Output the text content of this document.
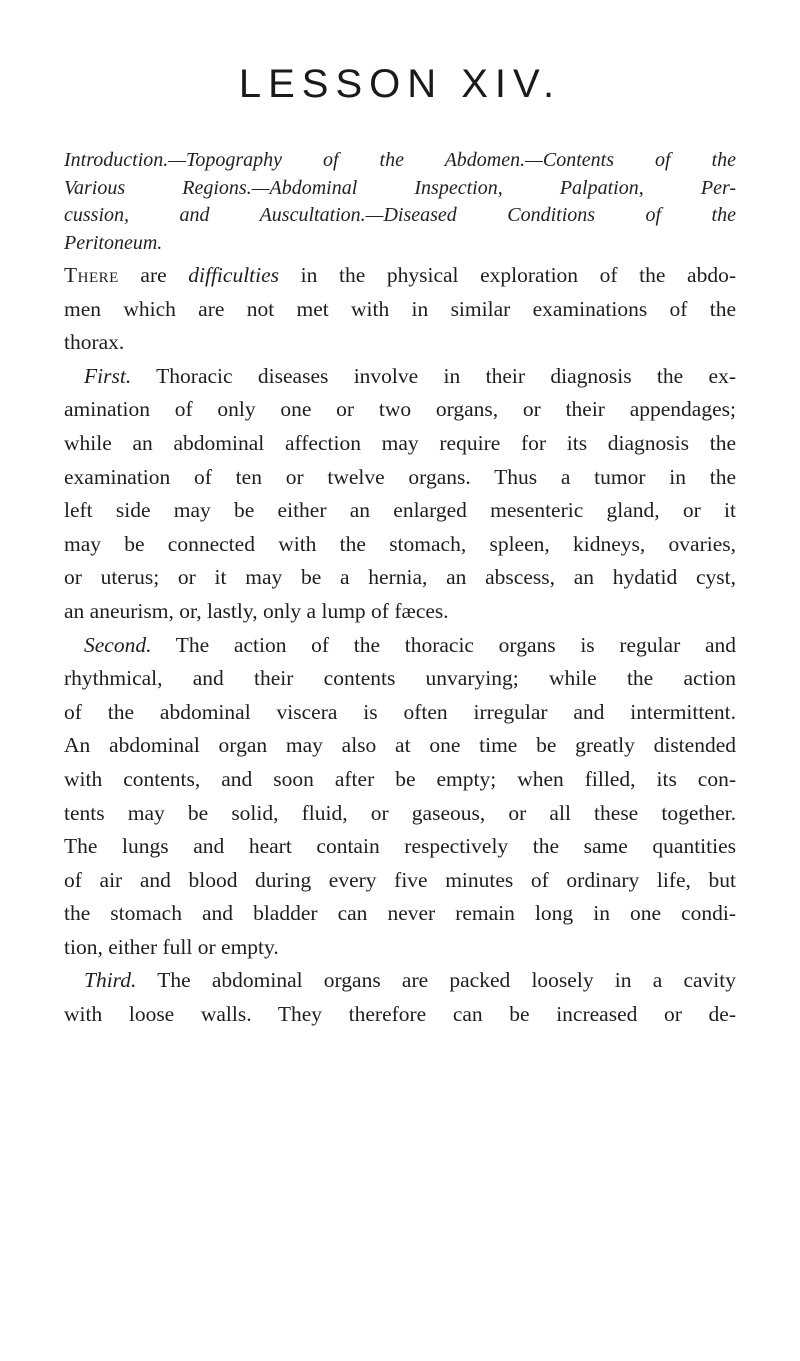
LESSON XIV.
Introduction.—Topography of the Abdomen.—Contents of the
Various Regions.—Abdominal Inspection, Palpation, Per-
cussion, and Auscultation.—Diseased Conditions of the
Peritoneum.
There are difficulties in the physical exploration of the abdo-
men which are not met with in similar examinations of the
thorax.
First. Thoracic diseases involve in their diagnosis the ex-
amination of only one or two organs, or their appendages;
while an abdominal affection may require for its diagnosis the
examination of ten or twelve organs. Thus a tumor in the
left side may be either an enlarged mesenteric gland, or it
may be connected with the stomach, spleen, kidneys, ovaries,
or uterus; or it may be a hernia, an abscess, an hydatid cyst,
an aneurism, or, lastly, only a lump of fæces.
Second. The action of the thoracic organs is regular and
rhythmical, and their contents unvarying; while the action
of the abdominal viscera is often irregular and intermittent.
An abdominal organ may also at one time be greatly distended
with contents, and soon after be empty; when filled, its con-
tents may be solid, fluid, or gaseous, or all these together.
The lungs and heart contain respectively the same quantities
of air and blood during every five minutes of ordinary life, but
the stomach and bladder can never remain long in one condi-
tion, either full or empty.
Third. The abdominal organs are packed loosely in a cavity
with loose walls. They therefore can be increased or de-
